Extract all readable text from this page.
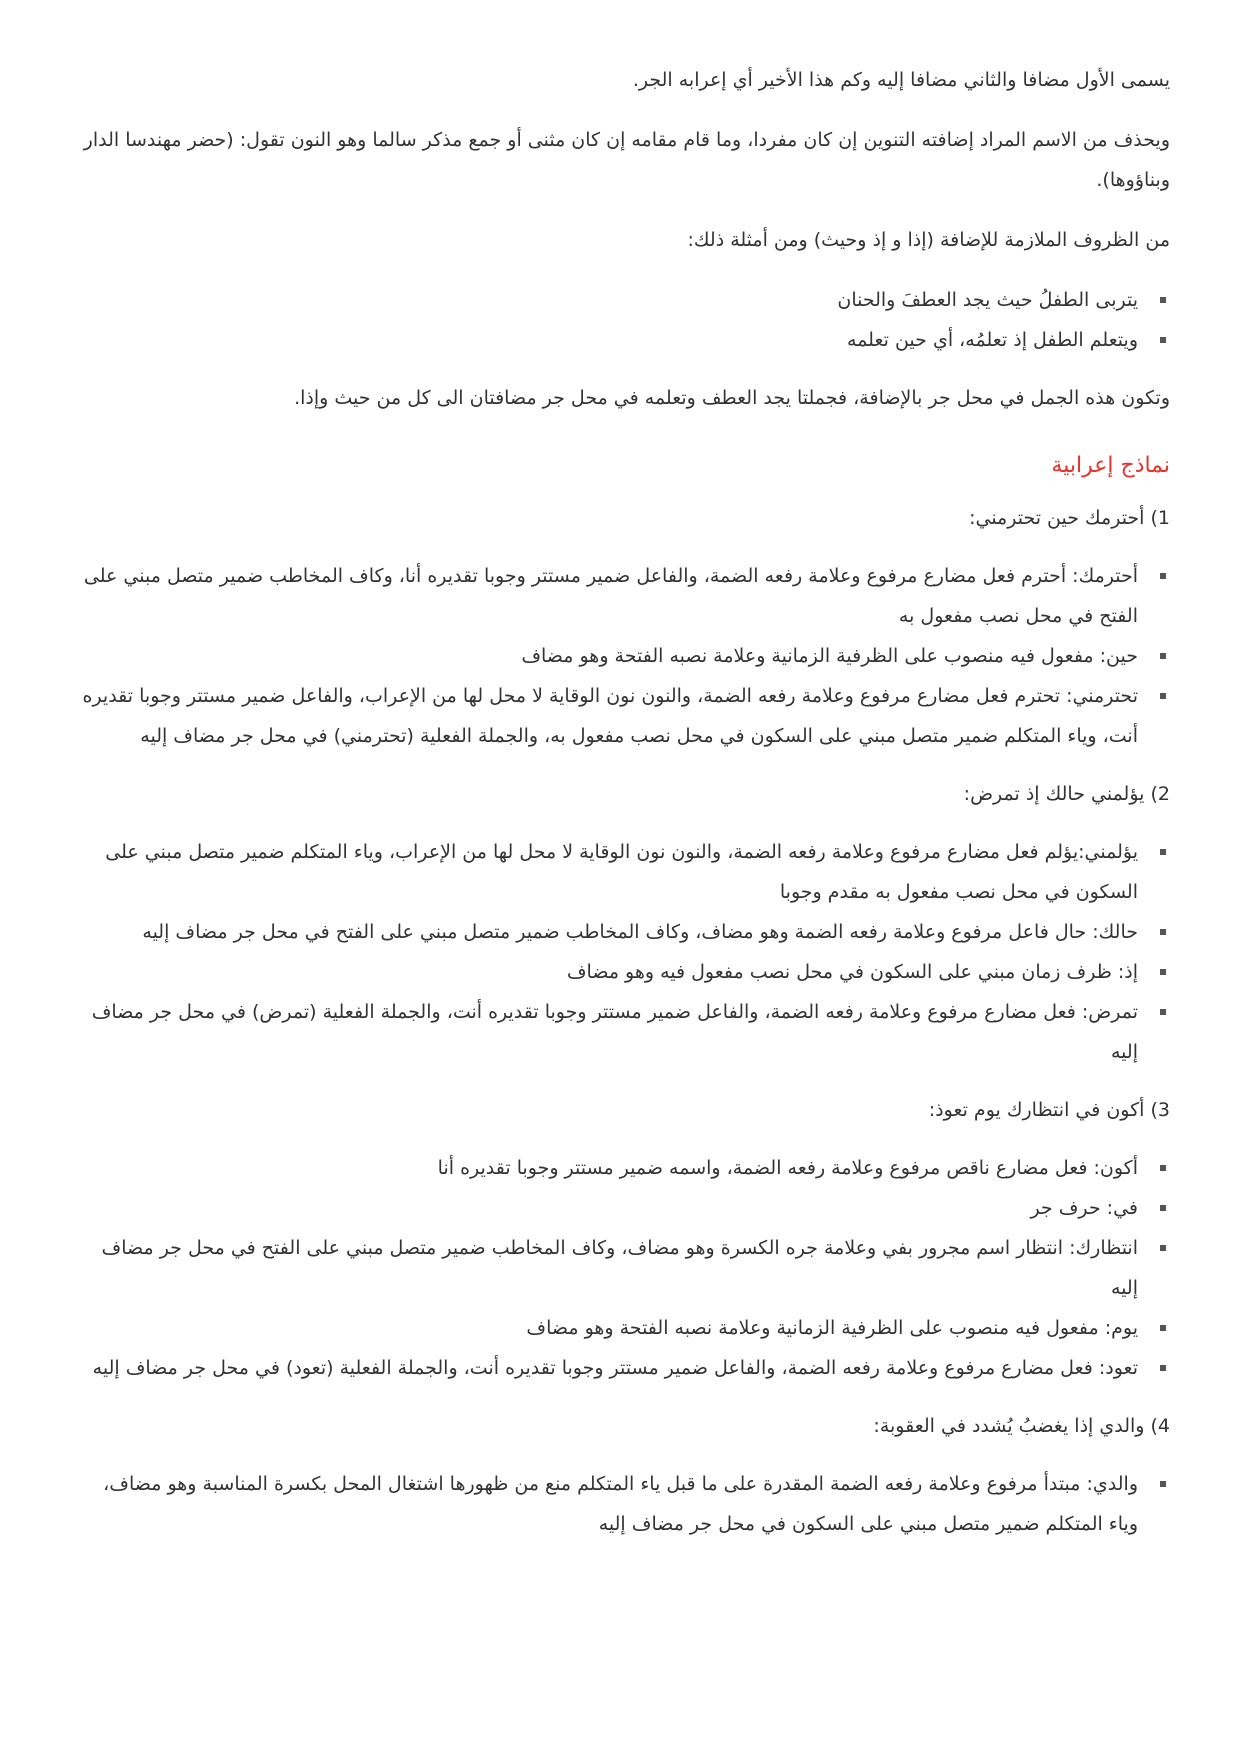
يسمى الأول مضافا والثاني مضافا إليه وكم هذا الأخير أي إعرابه الجر.

ويحذف من الاسم المراد إضافته التنوين إن كان مفردا، وما قام مقامه إن كان مثنى أو جمع مذكر سالما وهو النون تقول: (حضر مهندسا الدار وبناؤوها).

من الظروف الملازمة للإضافة (إذا و إذ وحيث) ومن أمثلة ذلك:

يتربى الطفلُ حيث يجد العطفَ والحنان
ويتعلم الطفل إذ تعلمُه، أي حين تعلمه

وتكون هذه الجمل في محل جر بالإضافة، فجملتا يجد العطف وتعلمه في محل جر مضافتان الى كل من حيث وإذا.

نماذج إعرابية

1) أحترمك حين تحترمني:

أحترمك: أحترم فعل مضارع مرفوع وعلامة رفعه الضمة، والفاعل ضمير مستتر وجوبا تقديره أنا، وكاف المخاطب ضمير متصل مبني على الفتح في محل نصب مفعول به
حين: مفعول فيه منصوب على الظرفية الزمانية وعلامة نصبه الفتحة وهو مضاف
تحترمني: تحترم فعل مضارع مرفوع وعلامة رفعه الضمة، والنون نون الوقاية لا محل لها من الإعراب، والفاعل ضمير مستتر وجوبا تقديره أنت، وياء المتكلم ضمير متصل مبني على السكون في محل نصب مفعول به، والجملة الفعلية (تحترمني) في محل جر مضاف إليه

2) يؤلمني حالك إذ تمرض:

يؤلمني:يؤلم فعل مضارع مرفوع وعلامة رفعه الضمة، والنون نون الوقاية لا محل لها من الإعراب، وياء المتكلم ضمير متصل مبني على السكون في محل نصب مفعول به مقدم وجوبا
حالك: حال فاعل مرفوع وعلامة رفعه الضمة وهو مضاف، وكاف المخاطب ضمير متصل مبني على الفتح في محل جر مضاف إليه
إذ: ظرف زمان مبني على السكون في محل نصب مفعول فيه وهو مضاف
تمرض: فعل مضارع مرفوع وعلامة رفعه الضمة، والفاعل ضمير مستتر وجوبا تقديره أنت، والجملة الفعلية (تمرض) في محل جر مضاف إليه

3) أكون في انتظارك يوم تعوذ:

أكون: فعل مضارع ناقص مرفوع وعلامة رفعه الضمة، واسمه ضمير مستتر وجوبا تقديره أنا
في: حرف جر
انتظارك: انتظار اسم مجرور بفي وعلامة جره الكسرة وهو مضاف، وكاف المخاطب ضمير متصل مبني على الفتح في محل جر مضاف إليه
يوم: مفعول فيه منصوب على الظرفية الزمانية وعلامة نصبه الفتحة وهو مضاف
تعود: فعل مضارع مرفوع وعلامة رفعه الضمة، والفاعل ضمير مستتر وجوبا تقديره أنت، والجملة الفعلية (تعود) في محل جر مضاف إليه

4) والدي إذا يغضبُ يُشدد في العقوبة:

والدي: مبتدأ مرفوع وعلامة رفعه الضمة المقدرة على ما قبل ياء المتكلم منع من ظهورها اشتغال المحل بكسرة المناسبة وهو مضاف، وياء المتكلم ضمير متصل مبني على السكون في محل جر مضاف إليه
